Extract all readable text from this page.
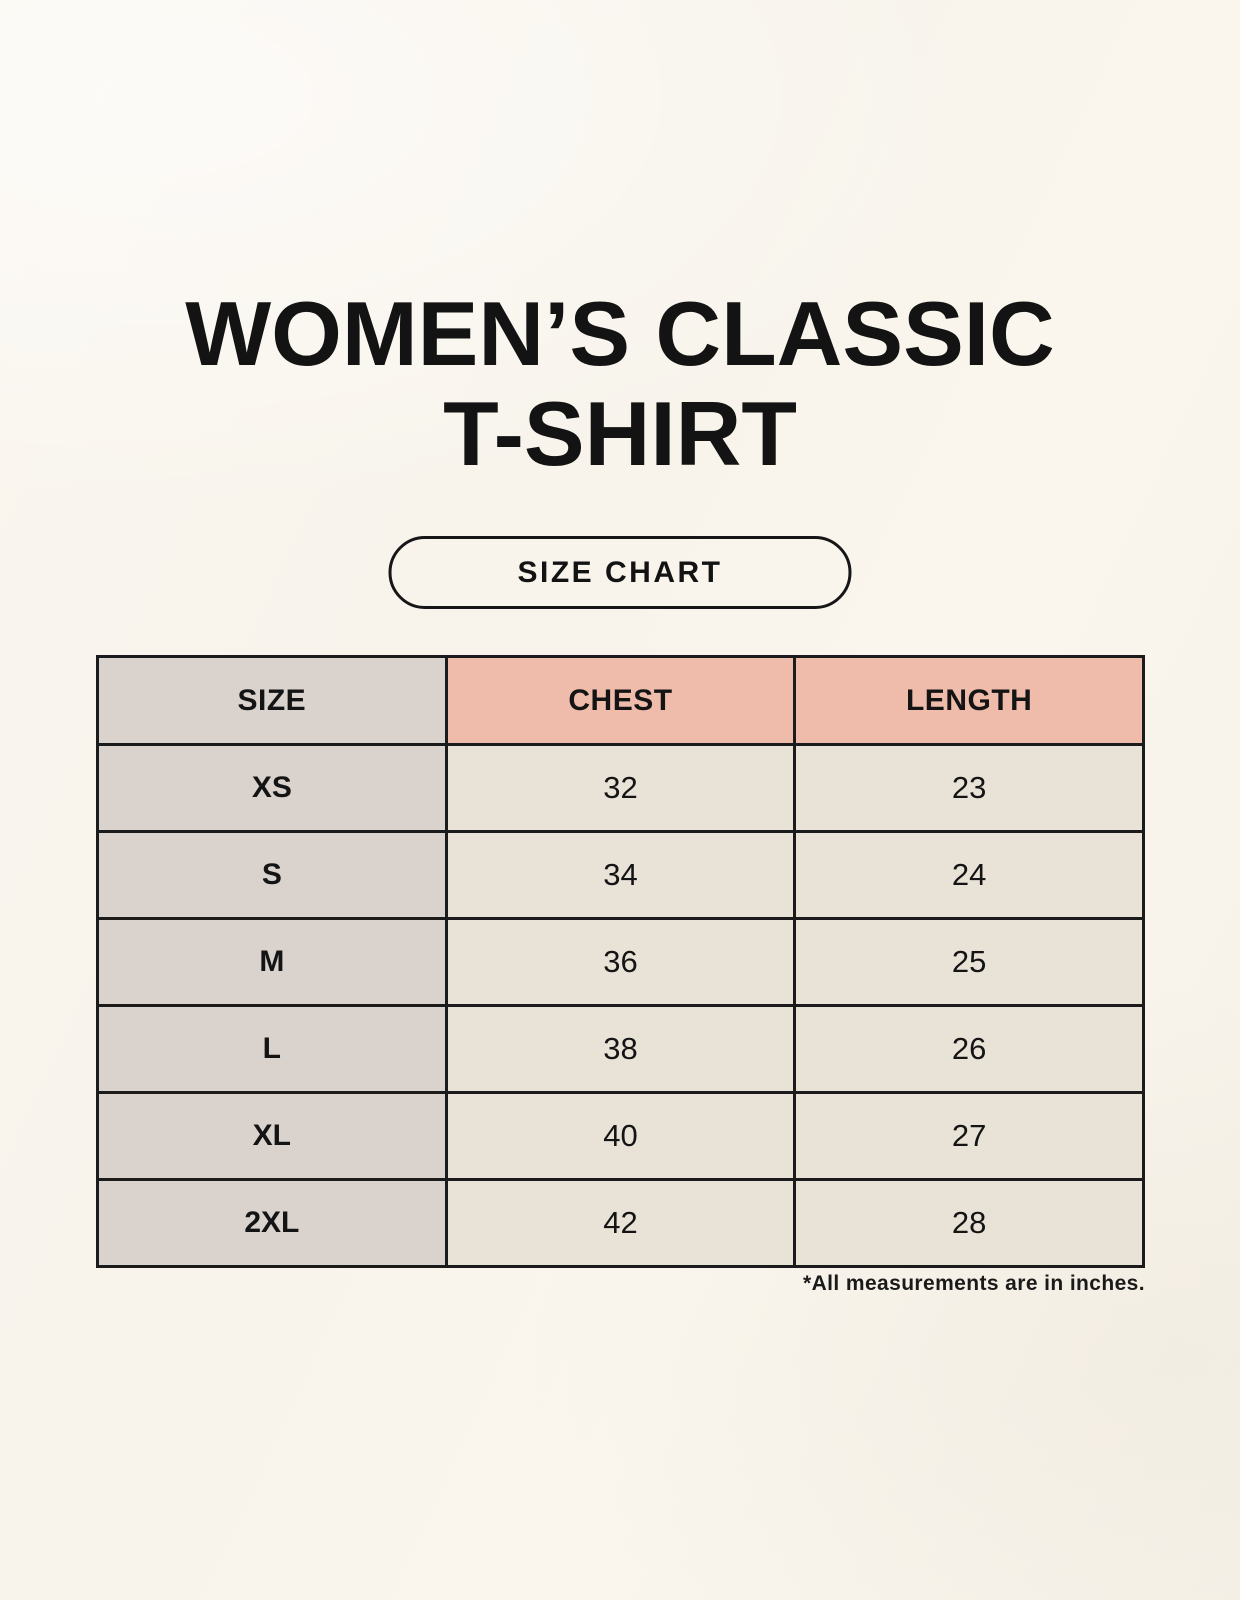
WOMEN’S CLASSIC
T-SHIRT
SIZE CHART
SIZE	CHEST	LENGTH
XS	32	23
S	34	24
M	36	25
L	38	26
XL	40	27
2XL	42	28
*All measurements are in inches.
